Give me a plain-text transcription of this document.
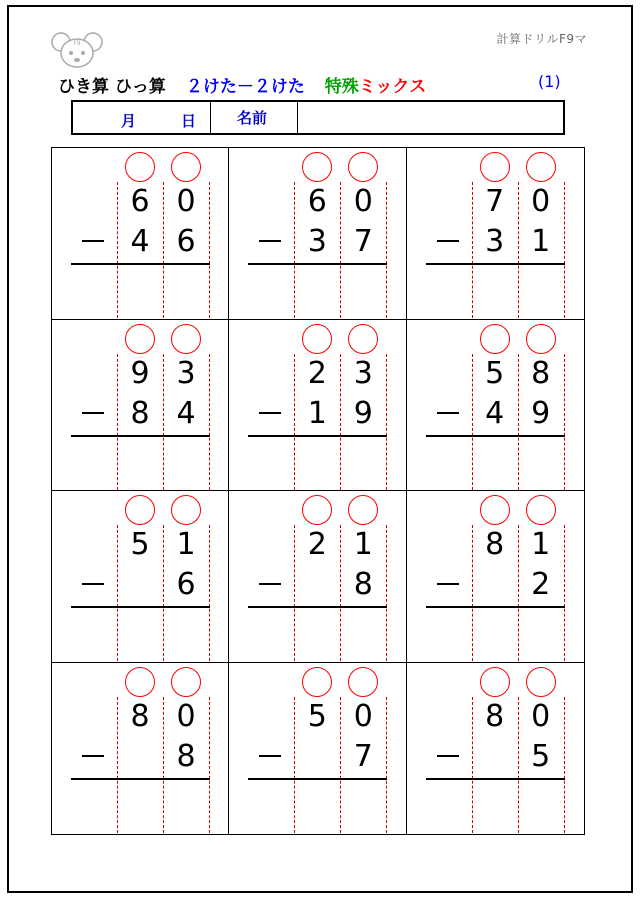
F9	計算ドリルF9マ
ひき算 ひっ算 ２けた－２けた 特殊ミックス	(1)
月	日	名前
6 0
4 6
6 0
3 7
7 0
3 1
9 3
8 4
2 3
1 9
5 8
4 9
5 1
6
2 1
8
8 1
2
8 0
8
5 0
7
8 0
5
